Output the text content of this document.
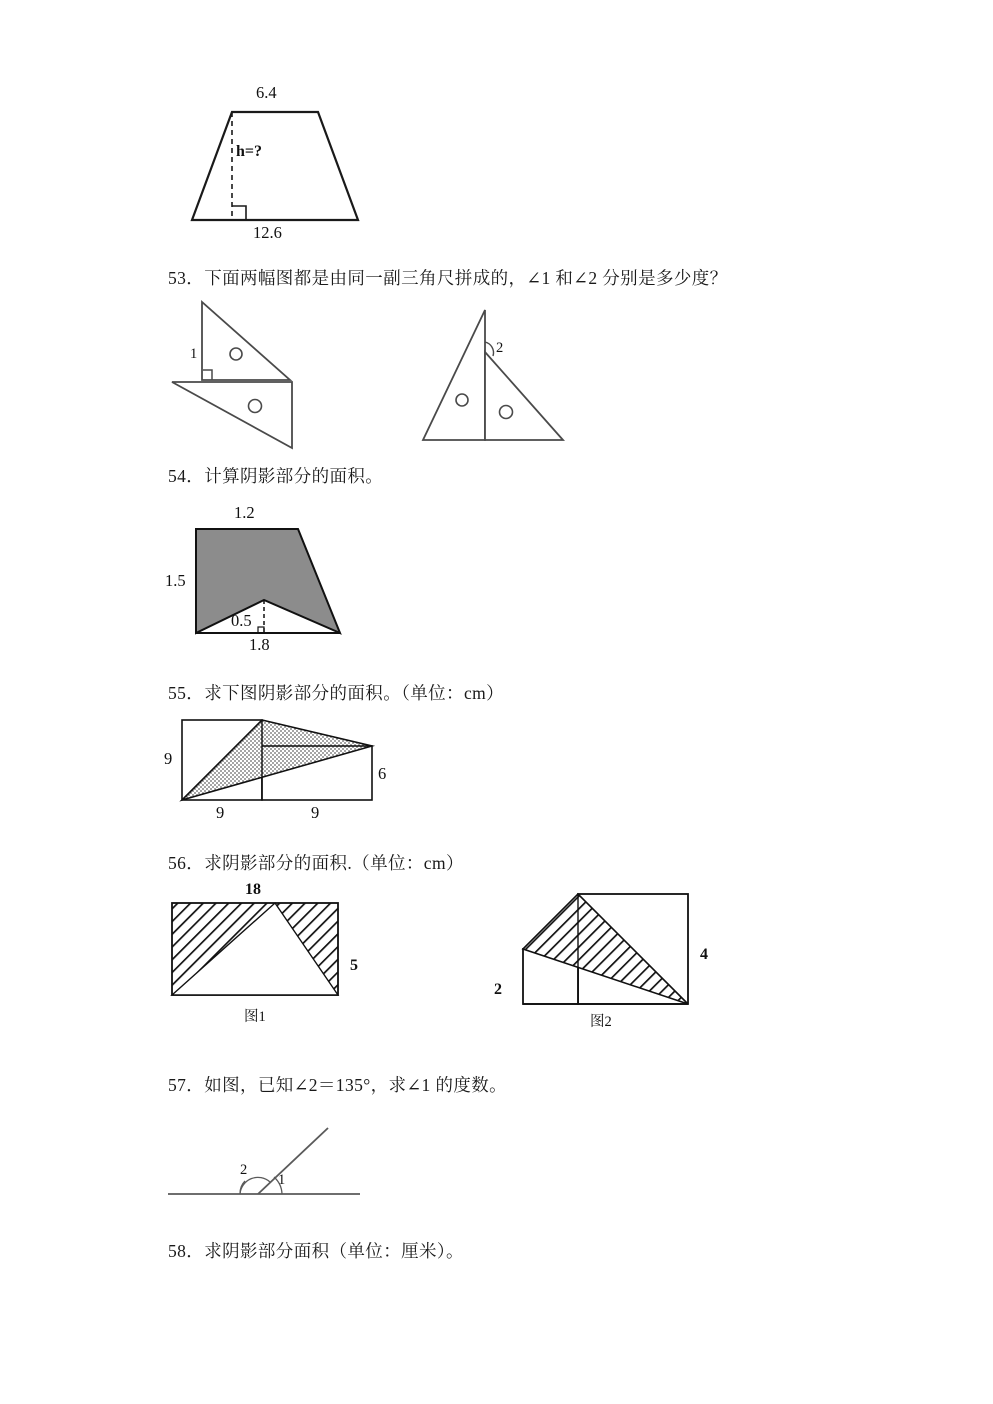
6.4
h=?
12.6
53．下面两幅图都是由同一副三角尺拼成的，∠1 和∠2 分别是多少度？
1	2
54．计算阴影部分的面积。
1.2
1.5
0.5
1.8
55．求下图阴影部分的面积。（单位：cm）
9
6
9	9
56．求阴影部分的面积.（单位：cm）
18
5
图1
2
4
图2
57．如图，已知∠2＝135°，求∠1 的度数。
2
1
58．求阴影部分面积（单位：厘米）。
